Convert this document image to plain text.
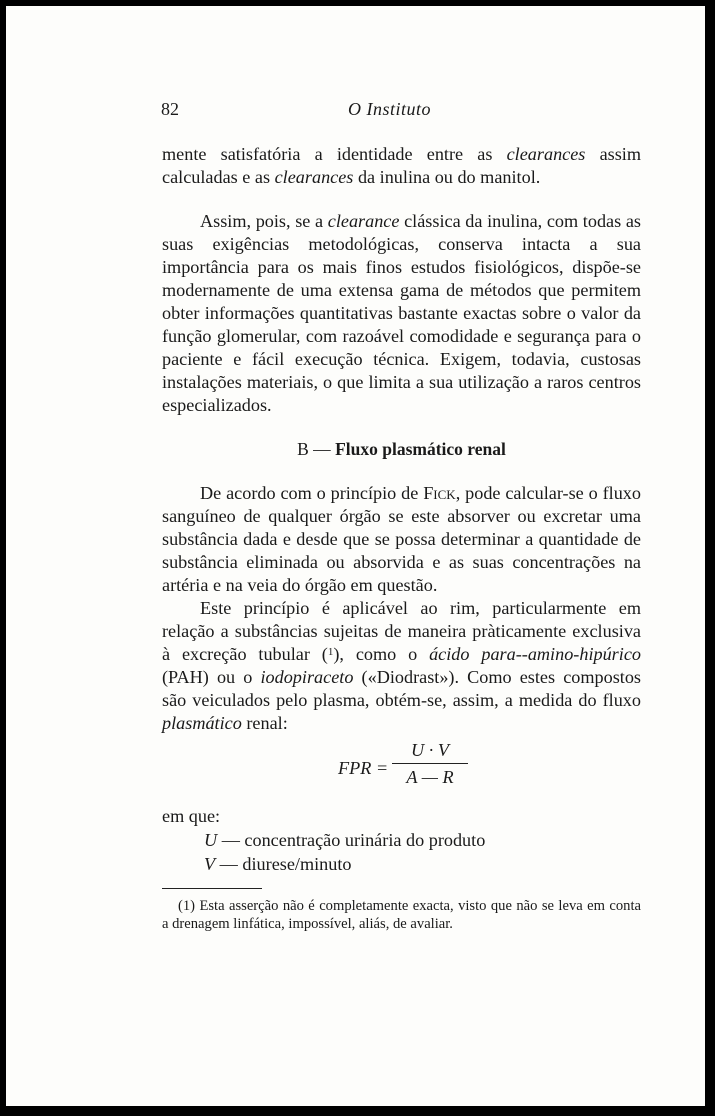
82	O Instituto

mente satisfatória a identidade entre as clearances assim calculadas e as clearances da inulina ou do manitol.

Assim, pois, se a clearance clássica da inulina, com todas as suas exigências metodológicas, conserva intacta a sua importância para os mais finos estudos fisiológicos, dispõe-se modernamente de uma extensa gama de métodos que permitem obter informações quantitativas bastante exactas sobre o valor da função glomerular, com razoável comodidade e segurança para o paciente e fácil execução técnica. Exigem, todavia, custosas instalações materiais, o que limita a sua utilização a raros centros especializados.

B — Fluxo plasmático renal

De acordo com o princípio de Fick, pode calcular-se o fluxo sanguíneo de qualquer órgão se este absorver ou excretar uma substância dada e desde que se possa determinar a quantidade de substância eliminada ou absorvida e as suas concentrações na artéria e na veia do órgão em questão.

Este princípio é aplicável ao rim, particularmente em relação a substâncias sujeitas de maneira pràticamente exclusiva à excreção tubular ($^1$), como o ácido para--amino-hipúrico (PAH) ou o iodopiraceto («Diodrast»). Como estes compostos são veiculados pelo plasma, obtém-se, assim, a medida do fluxo plasmático renal:

FPR =
U · V
A — R
em que:
U — concentração urinária do produto
V — diurese/minuto
(1) Esta asserção não é completamente exacta, visto que não se leva em conta a drenagem linfática, impossível, aliás, de avaliar.
